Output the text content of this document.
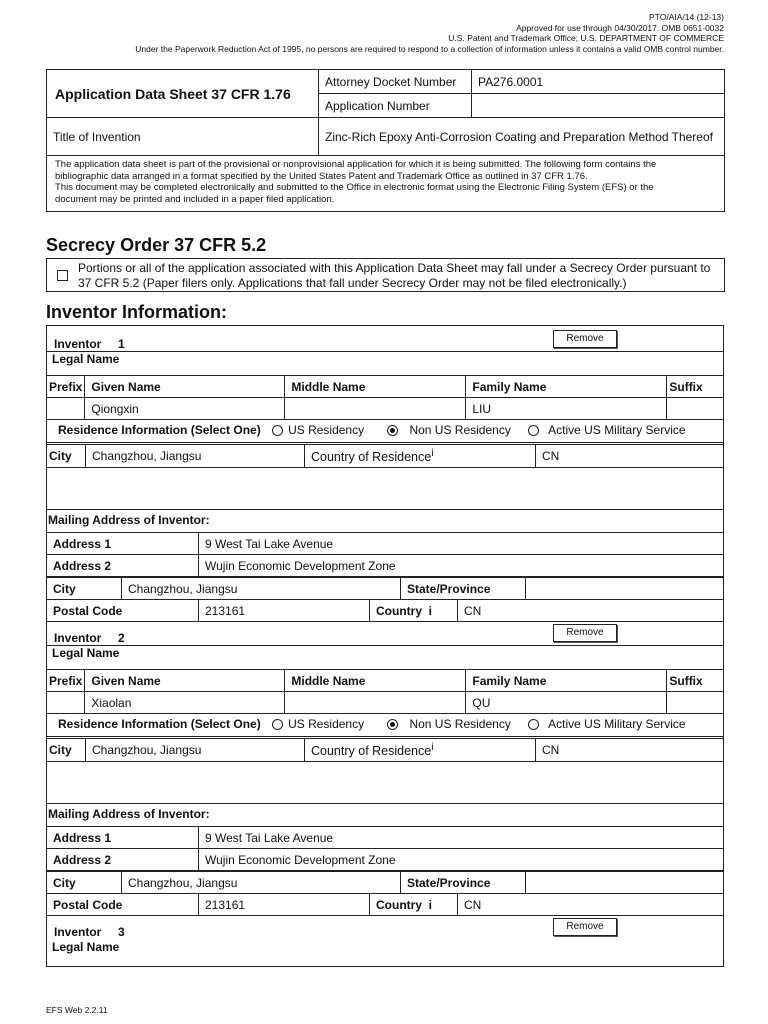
PTO/AIA/14 (12-13)
Approved for use through 04/30/2017. OMB 0651-0032
U.S. Patent and Trademark Office; U.S. DEPARTMENT OF COMMERCE
Under the Paperwork Reduction Act of 1995, no persons are required to respond to a collection of information unless it contains a valid OMB control number.
Application Data Sheet 37 CFR 1.76	Attorney Docket Number	PA276.0001
	Application Number	
Title of Invention	Zinc-Rich Epoxy Anti-Corrosion Coating and Preparation Method Thereof	
The application data sheet is part of the provisional or nonprovisional application for which it is being submitted. The following form contains the
bibliographic data arranged in a format specified by the United States Patent and Trademark Office as outlined in 37 CFR 1.76.
This document may be completed electronically and submitted to the Office in electronic format using the Electronic Filing System (EFS) or the
document may be printed and included in a paper filed application.
Secrecy Order 37 CFR 5.2
Portions or all of the application associated with this Application Data Sheet may fall under a Secrecy Order pursuant to
37 CFR 5.2 (Paper filers only. Applications that fall under Secrecy Order may not be filed electronically.)
Inventor Information:
Inventor 1
Legal Name
Remove
Prefix	Given Name	Middle Name	Family Name	Suffix
	Qiongxin		LIU	
Residence Information (Select One) US Residency	Non US Residency	Active US Military Service
City	Changzhou, Jiangsu	Country of Residence$^i$	CN
Mailing Address of Inventor:
Address 1	9 West Tai Lake Avenue
Address 2	Wujin Economic Development Zone
City	Changzhou, Jiangsu	State/Province	
Postal Code	213161	Country i	CN
Inventor 2
Legal Name
Remove
Prefix	Given Name	Middle Name	Family Name	Suffix
	Xiaolan		QU	
Residence Information (Select One) US Residency	Non US Residency	Active US Military Service
City	Changzhou, Jiangsu	Country of Residence$^i$	CN
Mailing Address of Inventor:
Address 1	9 West Tai Lake Avenue
Address 2	Wujin Economic Development Zone
City	Changzhou, Jiangsu	State/Province	
Postal Code	213161	Country i	CN
Inventor 3
Legal Name
Remove
EFS Web 2.2.11
